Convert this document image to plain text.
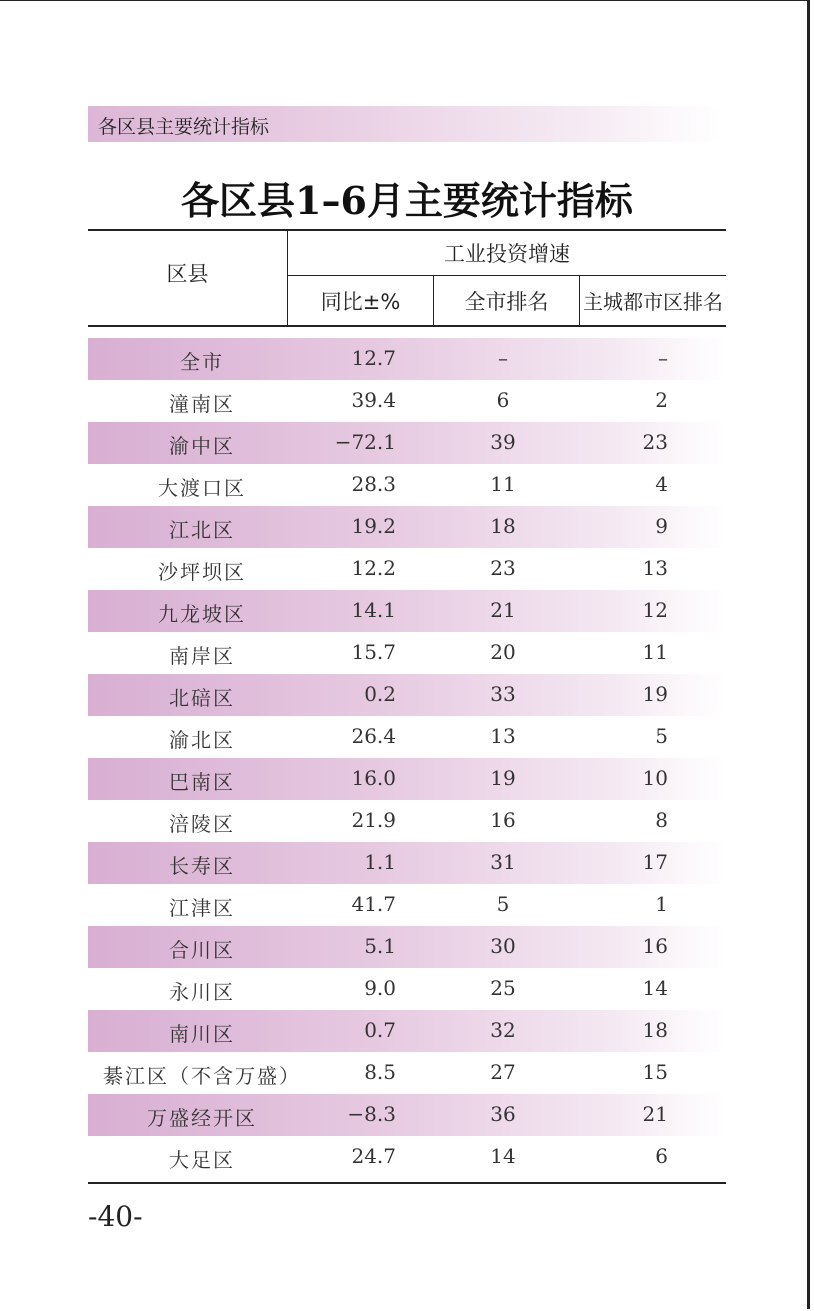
各区县主要统计指标
各区县1–6月主要统计指标
区县
工业投资增速
同比±%	全市排名	主城都市区排名
全市	12.7	–	–
潼南区	39.4	6	2
渝中区	−72.1	39	23
大渡口区	28.3	11	4
江北区	19.2	18	9
沙坪坝区	12.2	23	13
九龙坡区	14.1	21	12
南岸区	15.7	20	11
北碚区	0.2	33	19
渝北区	26.4	13	5
巴南区	16.0	19	10
涪陵区	21.9	16	8
长寿区	1.1	31	17
江津区	41.7	5	1
合川区	5.1	30	16
永川区	9.0	25	14
南川区	0.7	32	18
綦江区（不含万盛）	8.5	27	15
万盛经开区	−8.3	36	21
大足区	24.7	14	6
-40-
